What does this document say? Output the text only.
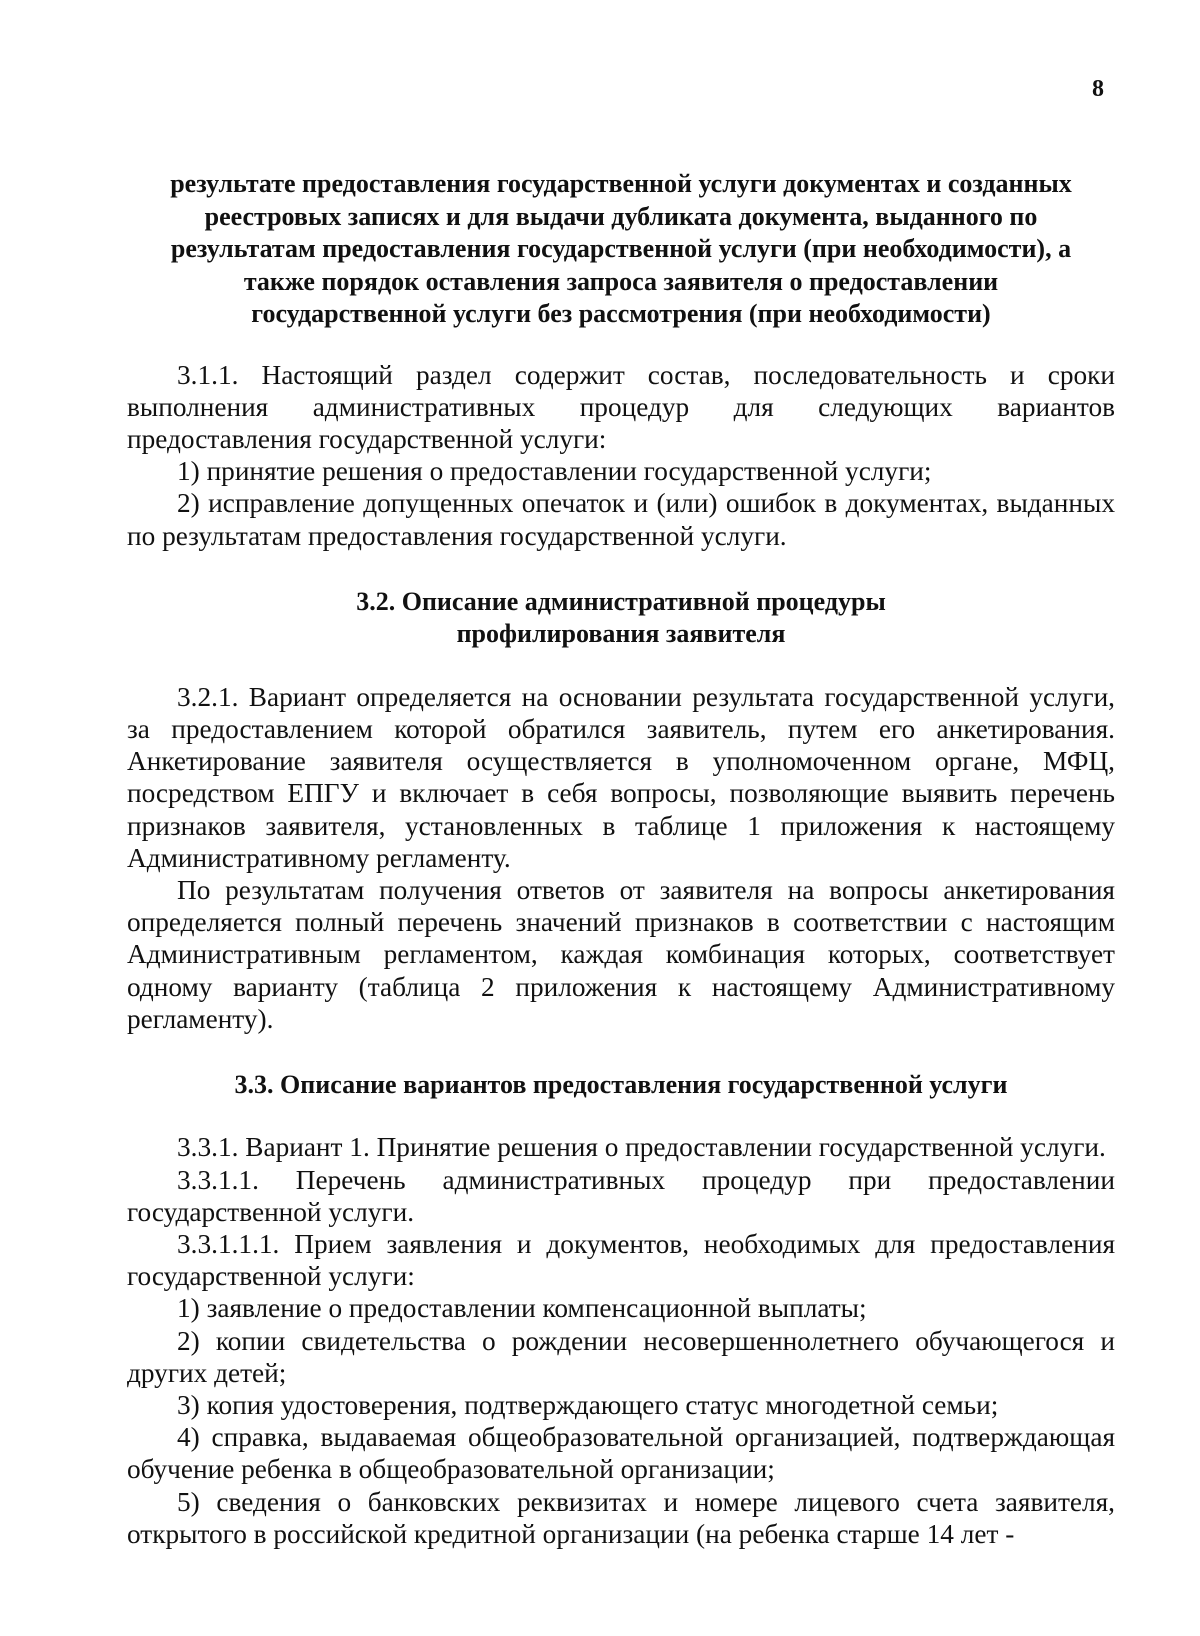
8
результате предоставления государственной услуги документах и созданных
реестровых записях и для выдачи дубликата документа, выданного по
результатам предоставления государственной услуги (при необходимости), а
также порядок оставления запроса заявителя о предоставлении
государственной услуги без рассмотрения (при необходимости)

3.1.1. Настоящий раздел содержит состав, последовательность и сроки выполнения административных процедур для следующих вариантов предоставления государственной услуги:

1) принятие решения о предоставлении государственной услуги;

2) исправление допущенных опечаток и (или) ошибок в документах, выданных по результатам предоставления государственной услуги.

3.2. Описание административной процедуры
профилирования заявителя

3.2.1. Вариант определяется на основании результата государственной услуги, за предоставлением которой обратился заявитель, путем его анкетирования. Анкетирование заявителя осуществляется в уполномоченном органе, МФЦ, посредством ЕПГУ и включает в себя вопросы, позволяющие выявить перечень признаков заявителя, установленных в таблице 1 приложения к настоящему Административному регламенту.

По результатам получения ответов от заявителя на вопросы анкетирования определяется полный перечень значений признаков в соответствии с настоящим Административным регламентом, каждая комбинация которых, соответствует одному варианту (таблица 2 приложения к настоящему Административному регламенту).

3.3. Описание вариантов предоставления государственной услуги

3.3.1. Вариант 1. Принятие решения о предоставлении государственной услуги.

3.3.1.1. Перечень административных процедур при предоставлении государственной услуги.

3.3.1.1.1. Прием заявления и документов, необходимых для предоставления государственной услуги:

1) заявление о предоставлении компенсационной выплаты;

2) копии свидетельства о рождении несовершеннолетнего обучающегося и других детей;

3) копия удостоверения, подтверждающего статус многодетной семьи;

4) справка, выдаваемая общеобразовательной организацией, подтверждающая обучение ребенка в общеобразовательной организации;

5) сведения о банковских реквизитах и номере лицевого счета заявителя, открытого в российской кредитной организации (на ребенка старше 14 лет -
